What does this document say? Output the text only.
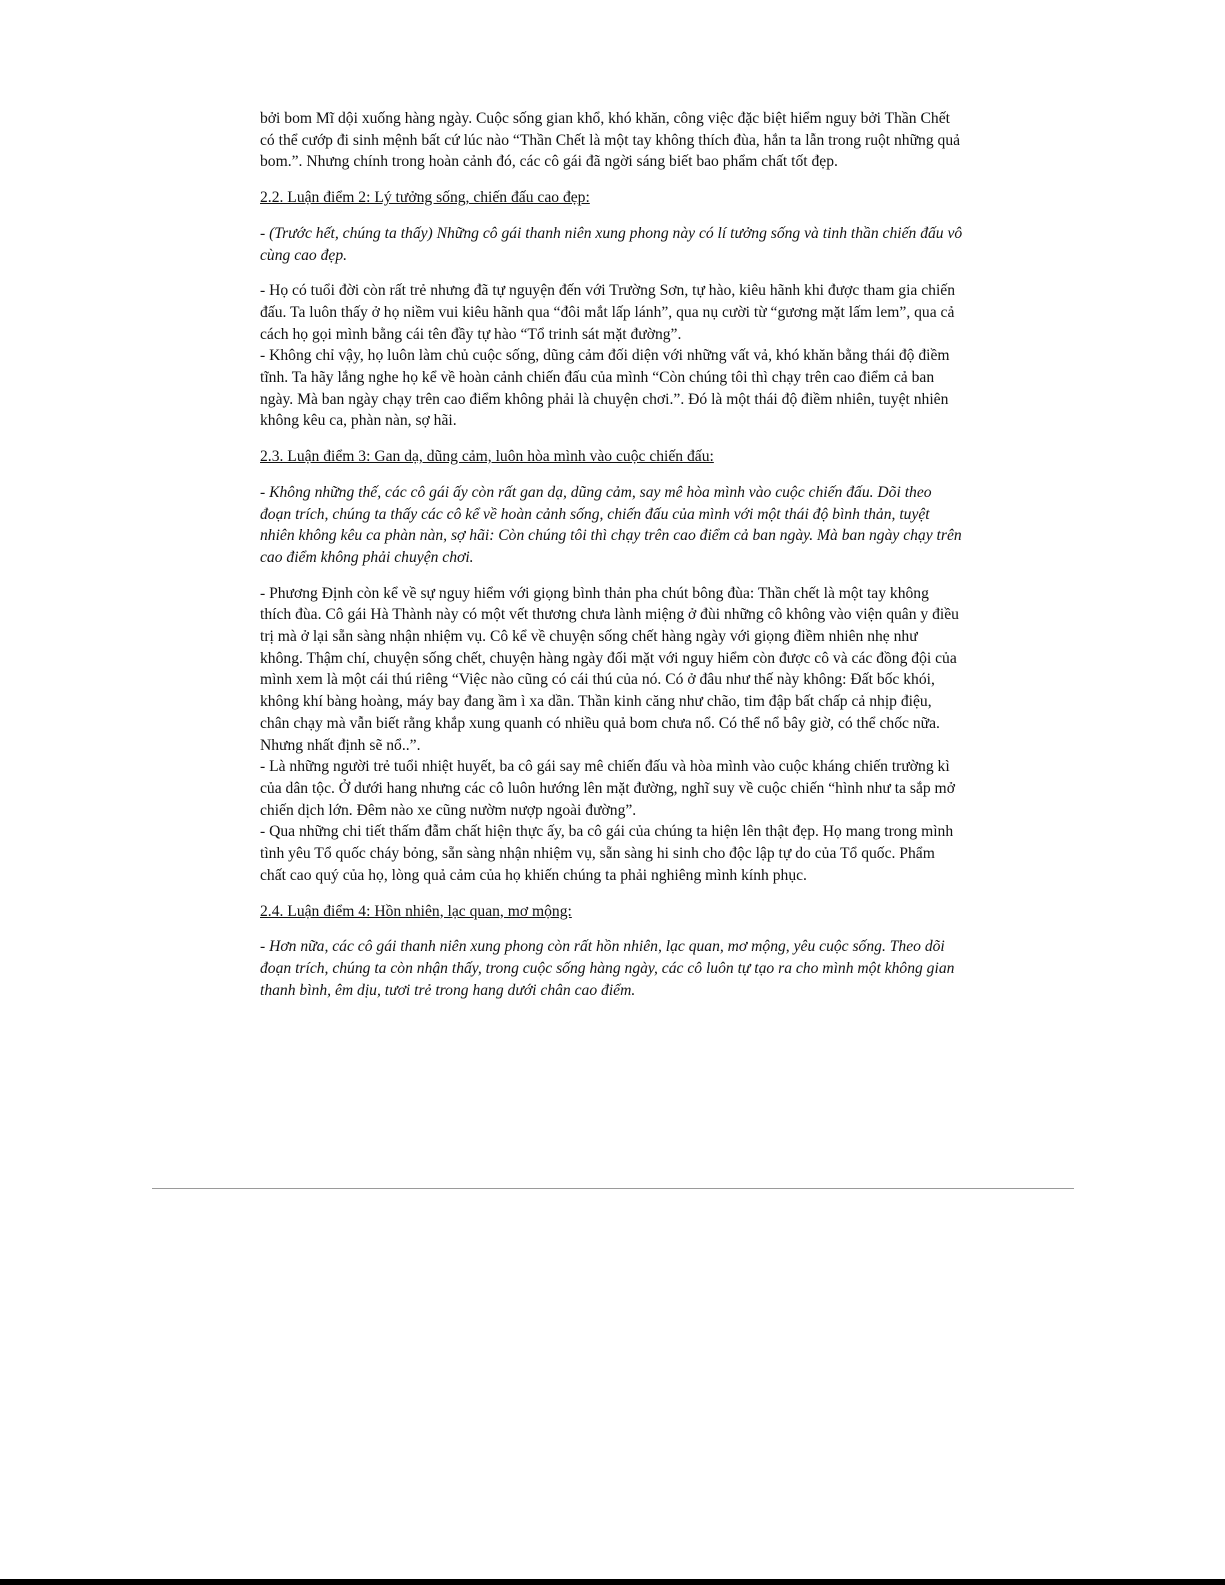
bởi bom Mĩ dội xuống hàng ngày. Cuộc sống gian khổ, khó khăn, công việc đặc biệt hiểm nguy bởi Thần Chết có thể cướp đi sinh mệnh bất cứ lúc nào “Thần Chết là một tay không thích đùa, hắn ta lẫn trong ruột những quả bom.”. Nhưng chính trong hoàn cảnh đó, các cô gái đã ngời sáng biết bao phẩm chất tốt đẹp.

2.2. Luận điểm 2: Lý tưởng sống, chiến đấu cao đẹp:

- (Trước hết, chúng ta thấy) Những cô gái thanh niên xung phong này có lí tưởng sống và tinh thần chiến đấu vô cùng cao đẹp.

- Họ có tuổi đời còn rất trẻ nhưng đã tự nguyện đến với Trường Sơn, tự hào, kiêu hãnh khi được tham gia chiến đấu. Ta luôn thấy ở họ niềm vui kiêu hãnh qua “đôi mắt lấp lánh”, qua nụ cười từ “gương mặt lấm lem”, qua cả cách họ gọi mình bằng cái tên đầy tự hào “Tổ trinh sát mặt đường”.

- Không chỉ vậy, họ luôn làm chủ cuộc sống, dũng cảm đối diện với những vất vả, khó khăn bằng thái độ điềm tĩnh. Ta hãy lắng nghe họ kể về hoàn cảnh chiến đấu của mình “Còn chúng tôi thì chạy trên cao điểm cả ban ngày. Mà ban ngày chạy trên cao điểm không phải là chuyện chơi.”. Đó là một thái độ điềm nhiên, tuyệt nhiên không kêu ca, phàn nàn, sợ hãi.

2.3. Luận điểm 3: Gan dạ, dũng cảm, luôn hòa mình vào cuộc chiến đấu:

- Không những thế, các cô gái ấy còn rất gan dạ, dũng cảm, say mê hòa mình vào cuộc chiến đấu. Dõi theo đoạn trích, chúng ta thấy các cô kể về hoàn cảnh sống, chiến đấu của mình với một thái độ bình thản, tuyệt nhiên không kêu ca phàn nàn, sợ hãi: Còn chúng tôi thì chạy trên cao điểm cả ban ngày. Mà ban ngày chạy trên cao điểm không phải chuyện chơi.

- Phương Định còn kể về sự nguy hiểm với giọng bình thản pha chút bông đùa: Thần chết là một tay không thích đùa. Cô gái Hà Thành này có một vết thương chưa lành miệng ở đùi những cô không vào viện quân y điều trị mà ở lại sẵn sàng nhận nhiệm vụ. Cô kể về chuyện sống chết hàng ngày với giọng điềm nhiên nhẹ như không. Thậm chí, chuyện sống chết, chuyện hàng ngày đối mặt với nguy hiểm còn được cô và các đồng đội của mình xem là một cái thú riêng “Việc nào cũng có cái thú của nó. Có ở đâu như thế này không: Đất bốc khói, không khí bàng hoàng, máy bay đang ầm ì xa dần. Thần kinh căng như chão, tim đập bất chấp cả nhịp điệu, chân chạy mà vẫn biết rằng khắp xung quanh có nhiều quả bom chưa nổ. Có thể nổ bây giờ, có thể chốc nữa. Nhưng nhất định sẽ nổ..”.

- Là những người trẻ tuổi nhiệt huyết, ba cô gái say mê chiến đấu và hòa mình vào cuộc kháng chiến trường kì của dân tộc. Ở dưới hang nhưng các cô luôn hướng lên mặt đường, nghĩ suy về cuộc chiến “hình như ta sắp mở chiến dịch lớn. Đêm nào xe cũng nườm nượp ngoài đường”.

- Qua những chi tiết thấm đẫm chất hiện thực ấy, ba cô gái của chúng ta hiện lên thật đẹp. Họ mang trong mình tình yêu Tổ quốc cháy bỏng, sẵn sàng nhận nhiệm vụ, sẵn sàng hi sinh cho độc lập tự do của Tổ quốc. Phẩm chất cao quý của họ, lòng quả cảm của họ khiến chúng ta phải nghiêng mình kính phục.

2.4. Luận điểm 4: Hồn nhiên, lạc quan, mơ mộng:

- Hơn nữa, các cô gái thanh niên xung phong còn rất hồn nhiên, lạc quan, mơ mộng, yêu cuộc sống. Theo dõi đoạn trích, chúng ta còn nhận thấy, trong cuộc sống hàng ngày, các cô luôn tự tạo ra cho mình một không gian thanh bình, êm dịu, tươi trẻ trong hang dưới chân cao điểm.
